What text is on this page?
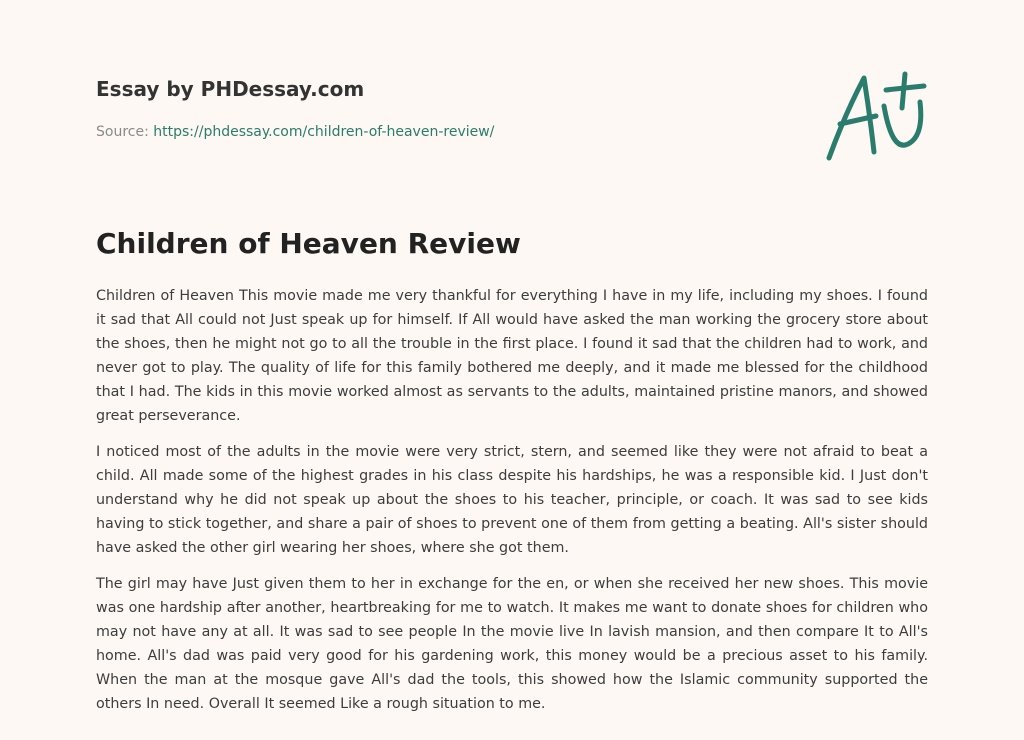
Essay by PHDessay.com
Source: https://phdessay.com/children-of-heaven-review/
Children of Heaven Review

Children of Heaven This movie made me very thankful for everything I have in my life, including my shoes. I found it sad that All could not Just speak up for himself. If All would have asked the man working the grocery store about the shoes, then he might not go to all the trouble in the first place. I found it sad that the children had to work, and never got to play. The quality of life for this family bothered me deeply, and it made me blessed for the childhood that I had. The kids in this movie worked almost as servants to the adults, maintained pristine manors, and showed great perseverance.

I noticed most of the adults in the movie were very strict, stern, and seemed like they were not afraid to beat a child. All made some of the highest grades in his class despite his hardships, he was a responsible kid. I Just don't understand why he did not speak up about the shoes to his teacher, principle, or coach. It was sad to see kids having to stick together, and share a pair of shoes to prevent one of them from getting a beating. All's sister should have asked the other girl wearing her shoes, where she got them.

The girl may have Just given them to her in exchange for the en, or when she received her new shoes. This movie was one hardship after another, heartbreaking for me to watch. It makes me want to donate shoes for children who may not have any at all. It was sad to see people In the movie live In lavish mansion, and then compare It to All's home. All's dad was paid very good for his gardening work, this money would be a precious asset to his family. When the man at the mosque gave All's dad the tools, this showed how the Islamic community supported the others In need. Overall It seemed Like a rough situation to me.
